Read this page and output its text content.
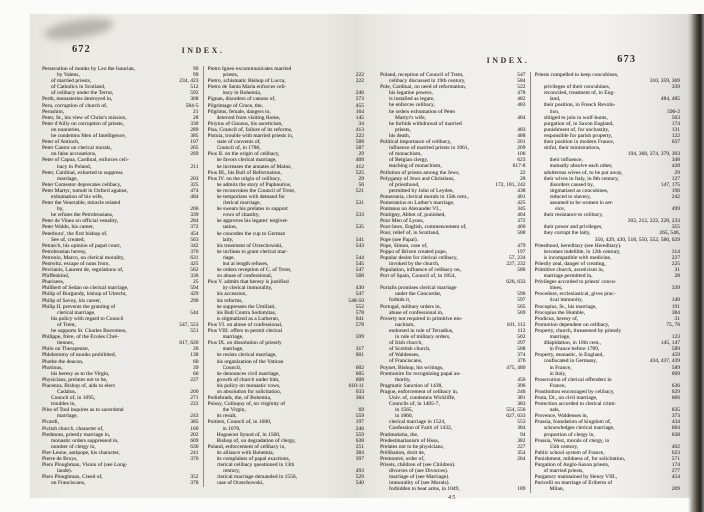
672	INDEX.
Persecution of monks by Leo the Isaurian,	90
by Valens,	99
of married priests,	234, 423
of Catholics in Scotland,	512
of celibacy under the Terror,	592
Perth, monasteries destroyed in,	368
Peru, corruption of church of,	584-5
Perushim,	21
Peter, St., his view of Christ's mission,	28
Peter d'Ailly on corruption of priests,	330
on nunneries,	289
he condemns Men of Intelligence,	385
Peter of Antioch,	107
Peter Cantor on clerical morals,	265
on false accusations,	269
Peter of Capua, Cardinal, enforces celi-
bacy in Poland,	211
Peter, Cardinal, exhorted to suppress
marriage,	203
Peter Comestor deprecates celibacy,	325
Peter Martyr, tumult in Oxford against,	474
exhumation of his wife,	484
Peter the Venerable, miracle related
by,	266
he refutes the Petrobrusians,	339
Peter de Vinea on official venality,	284
Peter Waldo, his career,	372
Peterboro', the first bishop of,	454
See of, created,	563
Petrarch, his opinion of papal court,	342
Petrobrusian heresy,	370
Petronio, Marco, on clerical morality,	631
Pentwitz, escape of nuns from,	425
Pevrianis, Laurent de, regulations of,	562
Pfaffenkind,	336
Pharisees,	25
Philibert of Sedan on clerical marriage,	594
Philip of Burgundy, bishop of Utrecht,	429
Philip of Savoy, his career,	290
Philip II. prevents the granting of
clerical marriage,	544
his policy with regard to Council
of Trent,	547, 553
he supports St. Charles Borromeo,	551
Philippe, frère, of the Écoles Chré-
tiennes,	617, 620
Philo on Therapeutæ,	26
Phlebotomy of monks prohibited,	138
Phœbe the deacon,	60
Photinus,	39
his heresy as to the Virgin,	66
Physicians, prelates not to be,	227
Piacenza, Bishop of, aids to elect
Cadalus,	200
Council of, in 1095,	271
troubles in,	222
Pibo of Toul inquires as to sacerdotal
marriage,	243
Picardi,	385
Pictish church, character of,	160
Piedmont, priestly marriage in,	202
monastic orders suppressed in,	609
number of clergy in,	630
Pier-Leone, antipope, his character,	241
Pierre de Bruys,	370
Piers Ploughman, Vision of (see Long-
lande).
Piers Ploughman, Creed of,	352
on Franciscans,	378
Pietro Igneo excommunicates married
priests,	222
Pietro, schismatic Bishop of Lucca,	222
Pietro de Santa Maria enforces celi-
bacy in Bohemia,	246
Pignan, disorders of canons of,	573
Pilgrimage of Grace, the,	455
Pilgrims, female, dangers to,	164
deterred from visiting Rome,	145
Pinytus of Gnosus, his asceticism,	34
Pisa, Council of, failure of its reforms,	413
Pistoia, trouble with married priests in,	222
state of convents of,	588
Council of, in 1786,	587
Pius II. on the origin of celibacy,	29
he favors clerical marriage,	408
he increases the annates of Mainz,	412
Pius III., his Bull of Reformation,	525
Pius IV. on the origin of celibacy,	29
he admits the story of Paphnutius,	56
he reconvokes the Council of Trent,	521
he temporizes with demand for
clerical marriage,	531
he swears his prelates to support
vows of chastity,	533
he approves his legates' tergiver-
sation,	535
he concedes the cup to German
laity,	541
his treatment of Orzechowski,	543
he inclines to grant clerical mar-
riage,	544
but at length refuses,	545
he orders reception of C. of Trent,	547
on abuse of confessional,	568
Pius V. admits that heresy is justified
by clerical immorality,	430
his accession,	547
his reforms,	548-50
he suppresses the Umiliati,	552
his Bull Contra Sodomitas,	578
is stigmatized as a Lutheran,	641
Pius VI. on abuse of confessional,	578
Pius VIII. offers to permit clerical
marriage,	599
Pius IX. on dissolution of priestly
marriage,	317
he resists clerical marriage,	601
his organization of the Vatican
Council,	602
he denounces civil marriage,	605
growth of church under him,	608
his policy on monastic vows,	610-11
on absolution for solicitation,	633
Podiebrads, the, of Bohemia,	384
Poissy, Colloquy of, on virginity of
the Virgin,	69
its result,	559
Poitiers, Council of, in 1000,	197
in 1078,	246
Huguenot Synod of, in 1560,	559
Bishop of, on degradation of clergy,	638
Poland, enforcement of celibacy in,	251
its alliance with Bohemia,	384
its complaints of papal exactions,	397
clerical celibacy questioned in 13th
century,	493
clerical marriage demanded in 1556,	529
case of Orzechowski,	540
INDEX.	673
Poland, reception of Council of Trent,	547
celibacy discussed in 19th century,	584
Pole, Cardinal, on need of reformation,	522
his legatine powers,	478
is installed as legate,	482
he enforces celibacy,	483
he orders exhumation of Peter
Martyr's wife,	484
he forbids withdrawal of married
priests,	483
his death,	488
Political importance of celibacy,	201
influence of married priests in 1061,	209
of monachism,	106
of Belgian clergy,	623
teaching of monachism,	617-8
Pollution of priests among the Jews,	22
Polygamy of Jews and Christians,	28
of priesthood,	172, 181, 242
permitted by John of Leyden,	438
Pomerania, clerical morals in 15th cent.,	401
Pomeranius on Luther's marriage,	425
Pontanus on Alexander VI.,	345
Pontigny, Abbot of, punished,	404
Poor Men of Lyons,	372
Poor-laws, English, commencement of,	460
Poor, relief of, in Scotland,	508
Pope (see Papal).
Pope, Simon, case of,	479
Poppo of Brixen created pope,	197
Popular desire for clerical celibacy,	57, 234
invoked by the church,	227, 232
Population, influence of celibacy on,	586
Port of Spain, Council of, in 1854,
626, 633
Portalis promises clerical marriage
under the Concordat,	596
forbids it,	597
Portugal, military orders in,	505
abuse of confessional in,	569
Poverty not required in primitive mo-
nachism,	101, 112
endorsed in rule of Tetradius,	112
in rule of military orders,	502
of Irish church,	297
of Scottish church,	508
of Waldenses,	374
of Franciscans,	376
Poynet, Bishop, his writings,	475, 480
Præmunire for recognizing papal au-
thority,	456
Pragmatic Sanction of 1438,	396
Prague, enforcement of celibacy in,	246
Univ. of, condemns Wickliffe,	381
Councils of, in 1405-7,	383
in 1565,	554, 556
in 1860,	627, 633
clerical marriage in 1524,	553
Confession of Faith of 1432,	384
Pratimoksha, the,	94
Predestinarianism of Huss,	382
Prelates not to be physicians,	227
Prélibation, droit de,	354
Premontré, order of,	264
Priests, children of (see Children).
divorces of (see Divorces).
marriage of (see Marriage).
immorality of (see Morals).
forbidden to bear arms, in 1049,	189
Priests compelled to keep concubines,
310, 359, 369
privileges of their concubines,	339
reconciled, treatment of, in Eng-
land,	484, 485
their position, in French Revolu-
tion,	590-2
obliged to join in wolf-hunts,	503
purgation of, in Saxon England,	174
punishment of, for unchastity,	131
responsible for parish property,	122
their position in modern France,	637
sinful, their ministrations,
194, 368, 374, 379, 393
their influence,	348
mutually absolve each other,	428
adulterous wives of, to be put away,	29
their wives in Italy, in 8th century,	127
disorders caused by,	147, 175
stigmatized as concubines,	196
reduced to slavery,	242
assumed to be women in ser-
vice,	499
their resistance to celibacy,
202, 212, 222, 228, 233
their power and privileges,	355
they corrupt the laity,	265, 546,
356, 429, 430, 518, 550, 552, 586, 629
Priesthood, hereditary (see Hereditary).
becomes indelible, in 12th century,	314
is incompatible with medicine,	227
Priestly zeal, danger of creating,	225
Primitive church, asceticism in,	31
marriage permitted in,	28
Privileges accorded to priests' concu-
bines,	339
Procedure, ecclesiastical, gives prac-
tical immunity,	140
Procopius, St., his marriage,	191
Procopius the Humble,	384
Prodicus, heresy of,	31
Promotion dependent on celibacy,	75, 76
Property, church, threatened by priestly
marriage,	123
dilapidation, in 10th cent.,	145, 147
in France before 1789,	589
Property, monastic, in England,	459
confiscated in Germany,	434, 437, 439
in France,	589
in Italy,	609
Prosecution of clerical offenders in
France,	636
Prostitution encouraged by celibacy,	629
Prota, Dr., on civil marriage,	606
Protection accorded to clerical crimi-
nals,	635
Provence, Waldenses in,	373
Prussia, foundation of kingdom of,	434
acknowledges clerical marriage,	604
proportion of clergy in,	638
Prussia, West, morals of clergy, in
15th century,	402
Public school system of France,	623
Punishment, mildness of, for solicitation,	571
Purgation of Anglo-Saxon priests,	174
of married priests,	277
Purgatory maintained by Henry VIII.,	454
Puricelli on marriage of Eriberto of
Milan,	209
45
